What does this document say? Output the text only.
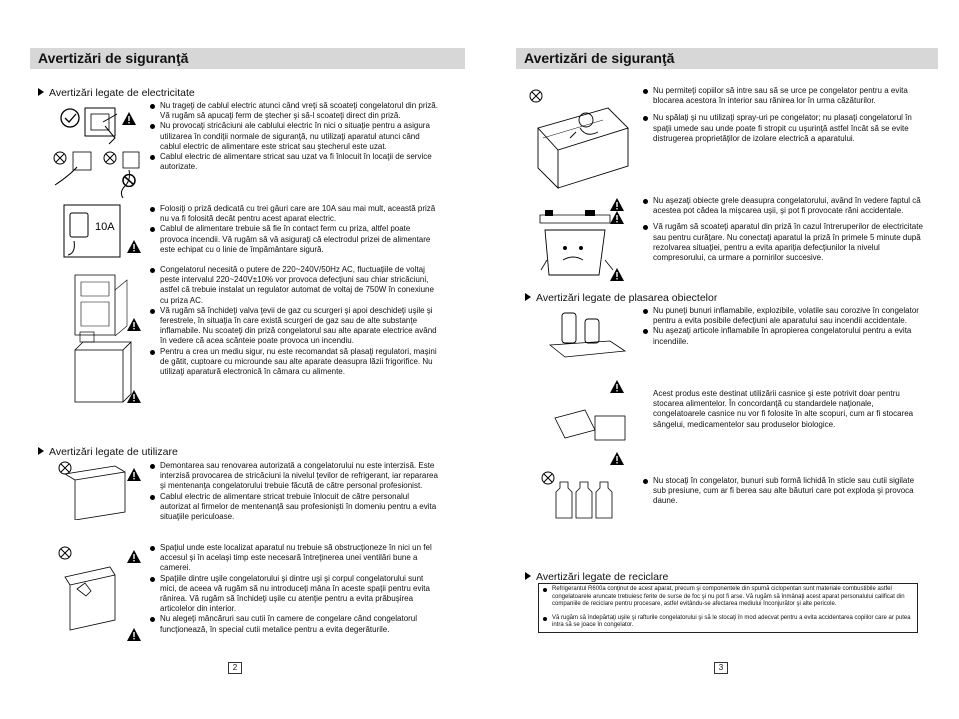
Avertizări de siguranţă
Avertizări legate de electricitate
Nu trageţi de cablul electric atunci când vreţi să scoateţi congelatorul din priză. Vă rugăm să apucaţi ferm de ştecher şi să-l scoateţi direct din priză.
Nu provocaţi stricăciuni ale cablului electric în nici o situaţie pentru a asigura utilizarea în condiţii normale de siguranţă, nu utilizaţi aparatul atunci când cablul electric de alimentare este stricat sau ştecherul este uzat.
Cablul electric de alimentare stricat sau uzat va fi înlocuit în locaţii de service autorizate.
10A
Folosiţi o priză dedicată cu trei găuri care are 10A sau mai mult, această priză nu va fi folosită decât pentru acest aparat electric.
Cablul de alimentare trebuie să fie în contact ferm cu priza, altfel poate provoca incendii. Vă rugăm să vă asiguraţi că electrodul prizei de alimentare este echipat cu o linie de împământare sigură.
Congelatorul necesită o putere de 220~240V/50Hz AC, fluctuaţiile de voltaj peste intervalul 220~240V±10% vor provoca defecţiuni sau chiar stricăciuni, astfel că trebuie instalat un regulator automat de voltaj de 750W în conexiune cu priza AC.
Vă rugăm să închideţi valva ţevii de gaz cu scurgeri şi apoi deschideţi uşile şi ferestrele, în situaţia în care există scurgeri de gaz sau de alte substanţe inflamabile. Nu scoateţi din priză congelatorul sau alte aparate electrice având în vedere că acea scânteie poate provoca un incendiu.
Pentru a crea un mediu sigur, nu este recomandat să plasaţi regulatori, maşini de gătit, cuptoare cu microunde sau alte aparate deasupra lăzii frigorifice. Nu utilizaţi aparatură electronică în cămara cu alimente.
Avertizări legate de utilizare
Demontarea sau renovarea autorizată a congelatorului nu este interzisă. Este interzisă provocarea de stricăciuni la nivelul ţevilor de refrigerant, iar repararea şi mentenanţa congelatorului trebuie făcută de către personal profesionist.
Cablul electric de alimentare stricat trebuie înlocuit de către personalul autorizat al firmelor de mentenanţă sau profesionişti în domeniu pentru a evita situaţiile periculoase.
Spaţiul unde este localizat aparatul nu trebuie să obstrucţioneze în nici un fel accesul şi în acelaşi timp este necesară întreţinerea unei ventilări bune a camerei.
Spaţiile dintre uşile congelatorului şi dintre uşi şi corpul congelatorului sunt mici, de aceea vă rugăm să nu introduceţi mâna în aceste spaţii pentru evita rănirea. Vă rugăm să închideţi uşile cu atenţie pentru a evita prăbuşirea articolelor din interior.
Nu alegeţi mâncăruri sau cutii în camere de congelare când congelatorul funcţionează, în special cutii metalice pentru a evita degerăturile.
2
Avertizări de siguranţă
Nu permiteţi copiilor să intre sau să se urce pe congelator pentru a evita blocarea acestora în interior sau rănirea lor în urma căzăturilor.
Nu spălaţi şi nu utilizaţi spray-uri pe congelator; nu plasaţi congelatorul în spaţii umede sau unde poate fi stropit cu uşurinţă astfel încât să se evite distrugerea proprietăţilor de izolare electrică a aparatului.
Nu aşezaţi obiecte grele deasupra congelatorului, având în vedere faptul că acestea pot cădea la mişcarea uşii, şi pot fi provocate răni accidentale.
Vă rugăm să scoateţi aparatul din priză în cazul întreruperilor de electricitate sau pentru curăţare. Nu conectaţi aparatul la priză în primele 5 minute după rezolvarea situaţiei, pentru a evita apariţia defecţiunilor la nivelul compresorului, ca urmare a pornirilor succesive.
Avertizări legate de plasarea obiectelor
Nu puneţi bunuri inflamabile, explozibile, volatile sau corozive în congelator pentru a evita posibile defecţiuni ale aparatului sau incendii accidentale.
Nu aşezaţi articole inflamabile în apropierea congelatorului pentru a evita incendiile.
Acest produs este destinat utilizării casnice şi este potrivit doar pentru stocarea alimentelor. În concordanţă cu standardele naţionale, congelatoarele casnice nu vor fi folosite în alte scopuri, cum ar fi stocarea sângelui, medicamentelor sau produselor biologice.
Nu stocaţi în congelator, bunuri sub formă lichidă în sticle sau cutii sigilate sub presiune, cum ar fi berea sau alte băuturi care pot exploda şi provoca daune.
Avertizări legate de reciclare
Refrigerantul R600a conţinut de acest aparat, precum şi componentele din spumă ciclopentan sunt materiale combustibile astfel congelatoarele aruncate trebuiesc ferite de surse de foc şi nu pot fi arse. Vă rugăm să înmânaţi acest aparat personalului calificat din companiile de reciclare pentru procesare, astfel evitându-se afectarea mediului înconjurător şi alte pericole.
Vă rugăm să îndepărtaţi uşile şi rafturile congelatorului şi să le stocaţi în mod adecvat pentru a evita accidentarea copiilor care ar putea intra să se joace în congelator.
3
